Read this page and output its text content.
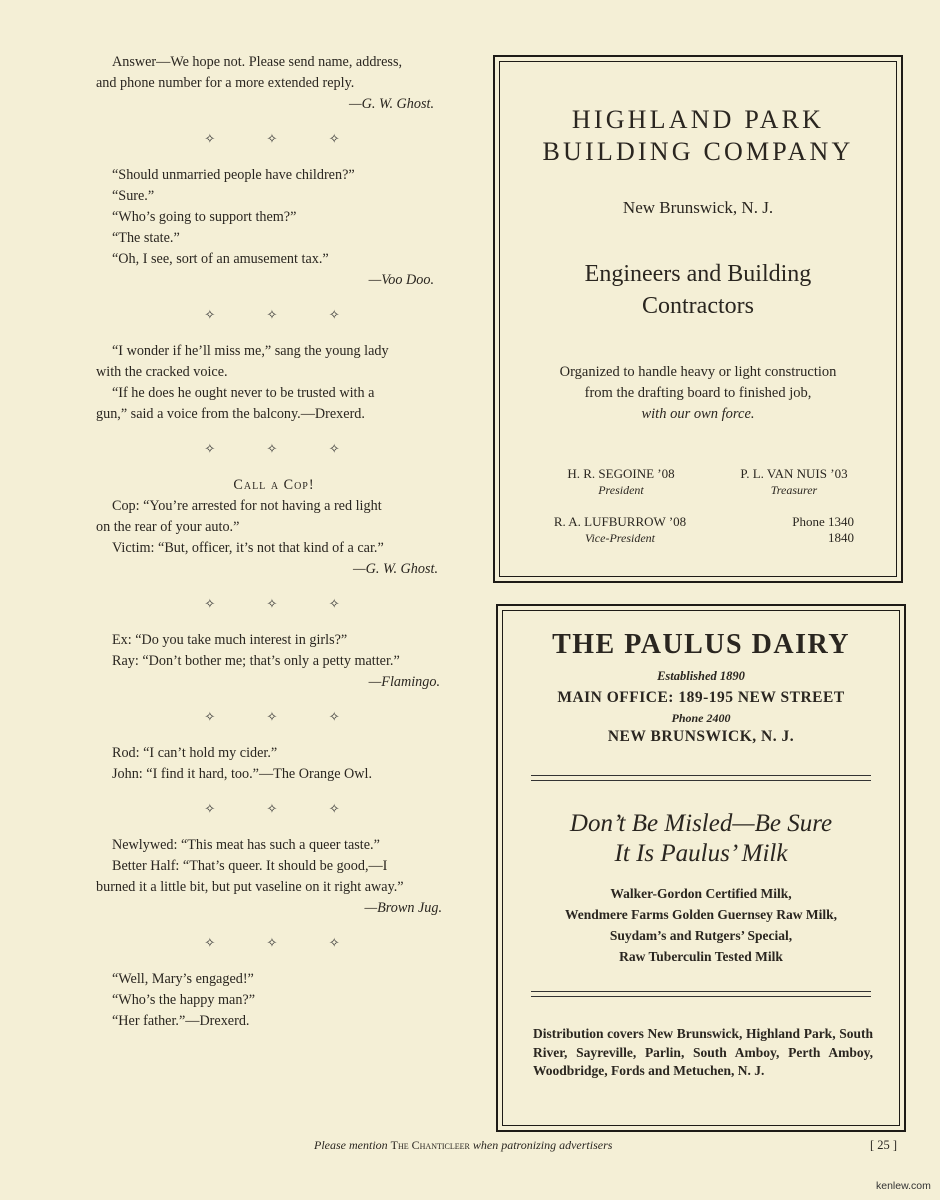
Answer—We hope not. Please send name, address,
and phone number for a more extended reply.
—G. W. Ghost.
✧ ✧ ✧
“Should unmarried people have children?”
“Sure.”
“Who’s going to support them?”
“The state.”
“Oh, I see, sort of an amusement tax.”
—Voo Doo.
✧ ✧ ✧
“I wonder if he’ll miss me,” sang the young lady
with the cracked voice.
“If he does he ought never to be trusted with a
gun,” said a voice from the balcony.—Drexerd.
✧ ✧ ✧
Call a Cop!
Cop: “You’re arrested for not having a red light
on the rear of your auto.”
Victim: “But, officer, it’s not that kind of a car.”
—G. W. Ghost.
✧ ✧ ✧
Ex: “Do you take much interest in girls?”
Ray: “Don’t bother me; that’s only a petty matter.”
—Flamingo.
✧ ✧ ✧
Rod: “I can’t hold my cider.”
John: “I find it hard, too.”—The Orange Owl.
✧ ✧ ✧
Newlywed: “This meat has such a queer taste.”
Better Half: “That’s queer. It should be good,—I
burned it a little bit, but put vaseline on it right away.”
—Brown Jug.
✧ ✧ ✧
“Well, Mary’s engaged!”
“Who’s the happy man?”
“Her father.”—Drexerd.
HIGHLAND PARK
BUILDING COMPANY
New Brunswick, N. J.
Engineers and Building
Contractors
Organized to handle heavy or light construction
from the drafting board to finished job,
with our own force.
H. R. SEGOINE ’08
President
P. L. VAN NUIS ’03
Treasurer
R. A. LUFBURROW ’08
Vice-President
Phone 1340
1840
THE PAULUS DAIRY
Established 1890
MAIN OFFICE: 189-195 NEW STREET
Phone 2400
NEW BRUNSWICK, N. J.
Don’t Be Misled—Be Sure
It Is Paulus’ Milk
Walker-Gordon Certified Milk,
Wendmere Farms Golden Guernsey Raw Milk,
Suydam’s and Rutgers’ Special,
Raw Tuberculin Tested Milk
Distribution covers New Brunswick, Highland Park, South River, Sayreville, Parlin, South Amboy, Perth Amboy, Woodbridge, Fords and Metuchen, N. J.
Please mention The Chanticleer when patronizing advertisers	[ 25 ]
kenlew.com
